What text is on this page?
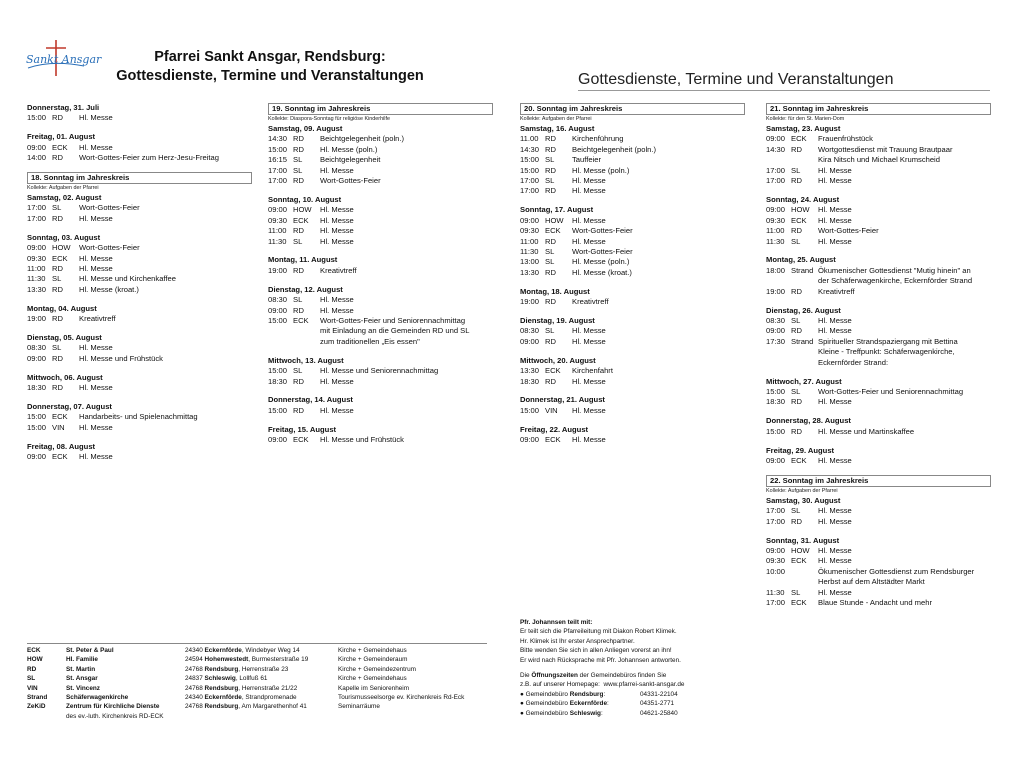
Sankt Ansgar	Pfarrei Sankt Ansgar, Rendsburg:
Gottesdienste, Termine und Veranstaltungen	Gottesdienste, Termine und Veranstaltungen
Donnerstag, 31. Juli
15:00 RD	Hl. Messe
Freitag, 01. August
09:00 ECK	Hl. Messe
14:00 RD	Wort-Gottes-Feier zum Herz-Jesu-Freitag
18. Sonntag im Jahreskreis
Kollekte: Aufgaben der Pfarrei
Samstag, 02. August
17:00 SL	Wort-Gottes-Feier
17:00 RD	Hl. Messe
Sonntag, 03. August
09:00 HOW	Wort-Gottes-Feier
09:30 ECK	Hl. Messe
11:00 RD	Hl. Messe
11:30 SL	Hl. Messe und Kirchenkaffee
13:30 RD	Hl. Messe (kroat.)
Montag, 04. August
19:00 RD	Kreativtreff
Dienstag, 05. August
08:30 SL	Hl. Messe
09:00 RD	Hl. Messe und Frühstück
Mittwoch, 06. August
18:30 RD	Hl. Messe
Donnerstag, 07. August
15:00 ECK	Handarbeits- und Spielenachmittag
15:00 VIN	Hl. Messe
Freitag, 08. August
09:00 ECK	Hl. Messe
19. Sonntag im Jahreskreis
Kollekte: Diaspora-Sonntag für religiöse Kinderhilfe
Samstag, 09. August
14:30 RD	Beichtgelegenheit (poln.)
15:00 RD	Hl. Messe (poln.)
16:15 SL	Beichtgelegenheit
17:00 SL	Hl. Messe
17:00 RD	Wort-Gottes-Feier
Sonntag, 10. August
09:00 HOW	Hl. Messe
09:30 ECK	Hl. Messe
11:00 RD	Hl. Messe
11:30 SL	Hl. Messe
Montag, 11. August
19:00 RD	Kreativtreff
Dienstag, 12. August
08:30 SL	Hl. Messe
09:00 RD	Hl. Messe
15:00 ECK	Wort-Gottes-Feier und Seniorennachmittag
mit Einladung an die Gemeinden RD und SL
zum traditionellen „Eis essen"
Mittwoch, 13. August
15:00 SL	Hl. Messe und Seniorennachmittag
18:30 RD	Hl. Messe
Donnerstag, 14. August
15:00 RD	Hl. Messe
Freitag, 15. August
09:00 ECK	Hl. Messe und Frühstück
20. Sonntag im Jahreskreis
Kollekte: Aufgaben der Pfarrei
Samstag, 16. August
11.00 RD	Kirchenführung
14:30 RD	Beichtgelegenheit (poln.)
15:00 SL	Tauffeier
15:00 RD	Hl. Messe (poln.)
17:00 SL	Hl. Messe
17:00 RD	Hl. Messe
Sonntag, 17. August
09:00 HOW	Hl. Messe
09:30 ECK	Wort-Gottes-Feier
11:00 RD	Hl. Messe
11:30 SL	Wort-Gottes-Feier
13:00 SL	Hl. Messe (poln.)
13:30 RD	Hl. Messe (kroat.)
Montag, 18. August
19:00 RD	Kreativtreff
Dienstag, 19. August
08:30 SL	Hl. Messe
09:00 RD	Hl. Messe
Mittwoch, 20. August
13:30 ECK	Kirchenfahrt
18:30 RD	Hl. Messe
Donnerstag, 21. August
15:00 VIN	Hl. Messe
Freitag, 22. August
09:00 ECK	Hl. Messe
21. Sonntag im Jahreskreis
Kollekte: für den St. Marien-Dom
Samstag, 23. August
09:00 ECK	Frauenfrühstück
14:30 RD	Wortgottesdienst mit Trauung Brautpaar
Kira Nitsch und Michael Krumscheid
17:00 SL	Hl. Messe
17:00 RD	Hl. Messe
Sonntag, 24. August
09:00 HOW	Hl. Messe
09:30 ECK	Hl. Messe
11:00 RD	Wort-Gottes-Feier
11:30 SL	Hl. Messe
Montag, 25. August
18:00 Strand Ökumenischer Gottesdienst "Mutig hinein" an
der Schäferwagenkirche, Eckernförder Strand
19:00 RD	Kreativtreff
Dienstag, 26. August
08:30 SL	Hl. Messe
09:00 RD	Hl. Messe
17:30 Strand Spiritueller Strandspaziergang mit Bettina
Kleine - Treffpunkt: Schäferwagenkirche,
Eckernförder Strand:
Mittwoch, 27. August
15:00 SL	Wort-Gottes-Feier und Seniorennachmittag
18:30 RD	Hl. Messe
Donnerstag, 28. August
15:00 RD	Hl. Messe und Martinskaffee
Freitag, 29. August
09:00 ECK	Hl. Messe
22. Sonntag im Jahreskreis
Kollekte: Aufgaben der Pfarrei
Samstag, 30. August
17:00 SL	Hl. Messe
17:00 RD	Hl. Messe
Sonntag, 31. August
09:00 HOW	Hl. Messe
09:30 ECK	Hl. Messe
10:00	Ökumenischer Gottesdienst zum Rendsburger
Herbst auf dem Altstädter Markt
11:30 SL	Hl. Messe
17:00 ECK	Blaue Stunde - Andacht und mehr
ECK	St. Peter & Paul	24340 Eckernförde, Windebyer Weg 14	Kirche + Gemeindehaus
HOW	Hl. Familie	24594 Hohenwestedt, Burmesterstraße 19	Kirche + Gemeinderaum
RD	St. Martin	24768 Rendsburg, Herrenstraße 23	Kirche + Gemeindezentrum
SL	St. Ansgar	24837 Schleswig, Lollfuß 61	Kirche + Gemeindehaus
VIN	St. Vincenz	24768 Rendsburg, Herrenstraße 21/22	Kapelle im Seniorenheim
Strand	Schäferwagenkirche	24340 Eckernförde, Strandpromenade	Tourismusseelsorge ev. Kirchenkreis Rd-Eck
ZeKiD	Zentrum für Kirchliche Dienste	24768 Rendsburg, Am Margarethenhof 41	Seminarräume
des ev.-luth. Kirchenkreis RD-ECK
Pfr. Johannsen teilt mit:
Er teilt sich die Pfarreileitung mit Diakon Robert Klimek.
Hr. Klimek ist Ihr erster Ansprechpartner.
Bitte wenden Sie sich in allen Anliegen vorerst an ihn!
Er wird nach Rücksprache mit Pfr. Johannsen antworten.
Die Öffnungszeiten der Gemeindebüros finden Sie
z.B. auf unserer Homepage: www.pfarrei-sankt-ansgar.de
● Gemeindebüro Rendsburg:	04331-22104
● Gemeindebüro Eckernförde:	04351-2771
● Gemeindebüro Schleswig:	04621-25840
